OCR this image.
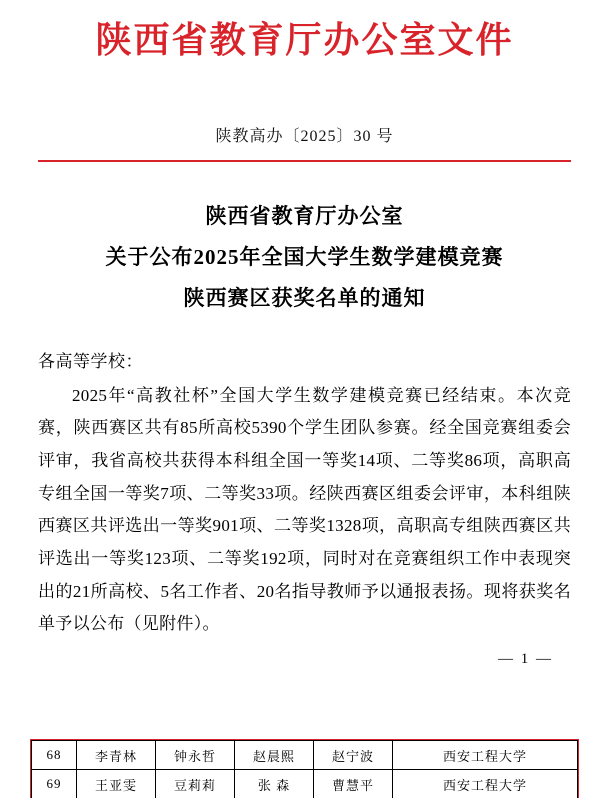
陕西省教育厅办公室文件
陕教高办〔2025〕30 号
陕西省教育厅办公室
关于公布2025年全国大学生数学建模竞赛
陕西赛区获奖名单的通知
各高等学校：
2025年“高教社杯”全国大学生数学建模竞赛已经结束。本次竞赛，陕西赛区共有85所高校5390个学生团队参赛。经全国竞赛组委会评审，我省高校共获得本科组全国一等奖14项、二等奖86项，高职高专组全国一等奖7项、二等奖33项。经陕西赛区组委会评审，本科组陕西赛区共评选出一等奖901项、二等奖1328项，高职高专组陕西赛区共评选出一等奖123项、二等奖192项，同时对在竞赛组织工作中表现突出的21所高校、5名工作者、20名指导教师予以通报表扬。现将获奖名单予以公布（见附件）。
— 1 —
68	李青林	钟永哲	赵晨熙	赵宁波	西安工程大学
69	王亚雯	豆莉莉	张 森	曹慧平	西安工程大学
